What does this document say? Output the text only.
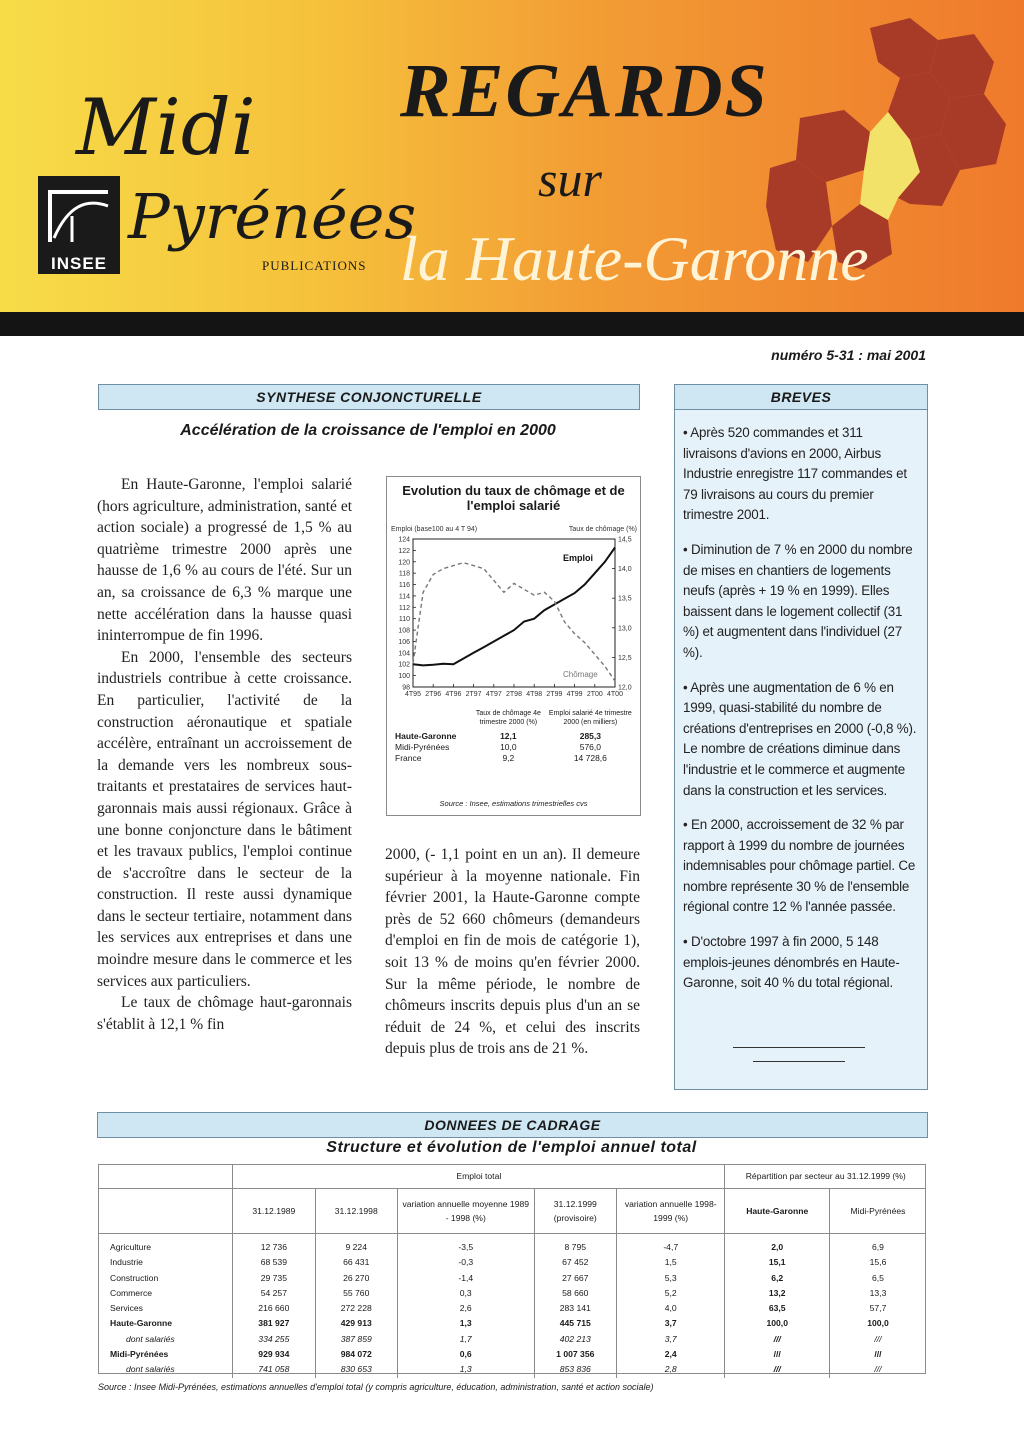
Midi
Pyrénées
INSEE	PUBLICATIONS
REGARDS
sur
la Haute-Garonne
numéro 5-31 : mai 2001
SYNTHESE CONJONCTURELLE
Accélération de la croissance de l'emploi en 2000

En Haute-Garonne, l'emploi salarié (hors agriculture, administration, santé et action sociale) a progressé de 1,5 % au quatrième trimestre 2000 après une hausse de 1,6 % au cours de l'été. Sur un an, sa croissance de 6,3 % marque une nette accélération dans la hausse quasi ininterrompue de fin 1996.

En 2000, l'ensemble des secteurs industriels contribue à cette croissance. En particulier, l'activité de la construction aéronautique et spatiale accélère, entraînant un accroissement de la demande vers les nombreux sous-traitants et prestataires de services haut-garonnais mais aussi régionaux. Grâce à une bonne conjoncture dans le bâtiment et les travaux publics, l'emploi continue de s'accroître dans le secteur de la construction. Il reste aussi dynamique dans le secteur tertiaire, notamment dans les services aux entreprises et dans une moindre mesure dans le commerce et les services aux particuliers.

Le taux de chômage haut-garonnais s'établit à 12,1 % fin

Emploi (base100 au 4 T 94)	Taux de chômage (%)
124
122
120
118
116
114
112
110
108
106
104
102
100
98
14,5
14,0
13,5
13,0
12,5
12,0
4T95 2T96 4T96 2T97 4T97 2T98 4T98 2T99 4T99 2T00 4T00
Emploi
Chômage
Evolution du taux de chômage et de l'emploi salarié
	Taux de chômage 4e trimestre 2000 (%)	Emploi salarié 4e trimestre 2000 (en milliers)
Haute-Garonne	12,1	285,3
Midi-Pyrénées	10,0	576,0
France	9,2	14 728,6
Source : Insee, estimations trimestrielles cvs

2000, (- 1,1 point en un an). Il demeure supérieur à la moyenne nationale. Fin février 2001, la Haute-Garonne compte près de 52 660 chômeurs (demandeurs d'emploi en fin de mois de catégorie 1), soit 13 % de moins qu'en février 2000. Sur la même période, le nombre de chômeurs inscrits depuis plus d'un an se réduit de 24 %, et celui des inscrits depuis plus de trois ans de 21 %.

BREVES

• Après 520 commandes et 311 livraisons d'avions en 2000, Airbus Industrie enregistre 117 commandes et 79 livraisons au cours du premier trimestre 2001.

• Diminution de 7 % en 2000 du nombre de mises en chantiers de logements neufs (après + 19 % en 1999). Elles baissent dans le logement collectif (31 %) et augmentent dans l'individuel (27 %).

• Après une augmentation de 6 % en 1999, quasi-stabilité du nombre de créations d'entreprises en 2000 (-0,8 %). Le nombre de créations diminue dans l'industrie et le commerce et augmente dans la construction et les services.

• En 2000, accroissement de 32 % par rapport à 1999 du nombre de journées indemnisables pour chômage partiel. Ce nombre représente 30 % de l'ensemble régional contre 12 % l'année passée.

• D'octobre 1997 à fin 2000, 5 148 emplois-jeunes dénombrés en Haute-Garonne, soit 40 % du total régional.

DONNEES DE CADRAGE
Structure et évolution de l'emploi annuel total
	Emploi total					Répartition par secteur au 31.12.1999 (%)	
	31.12.1989	31.12.1998	variation annuelle moyenne 1989 - 1998 (%)	31.12.1999 (provisoire)	variation annuelle 1998-1999 (%)	Haute-Garonne	Midi-Pyrénées
Agriculture	12 736	9 224	-3,5	8 795	-4,7	2,0	6,9
Industrie	68 539	66 431	-0,3	67 452	1,5	15,1	15,6
Construction	29 735	26 270	-1,4	27 667	5,3	6,2	6,5
Commerce	54 257	55 760	0,3	58 660	5,2	13,2	13,3
Services	216 660	272 228	2,6	283 141	4,0	63,5	57,7
Haute-Garonne	381 927	429 913	1,3	445 715	3,7	100,0	100,0
dont salariés	334 255	387 859	1,7	402 213	3,7	///	///
Midi-Pyrénées	929 934	984 072	0,6	1 007 356	2,4	///	///
dont salariés	741 058	830 653	1,3	853 836	2,8	///	///
Source : Insee Midi-Pyrénées, estimations annuelles d'emploi total (y compris agriculture, éducation, administration, santé et action sociale)
